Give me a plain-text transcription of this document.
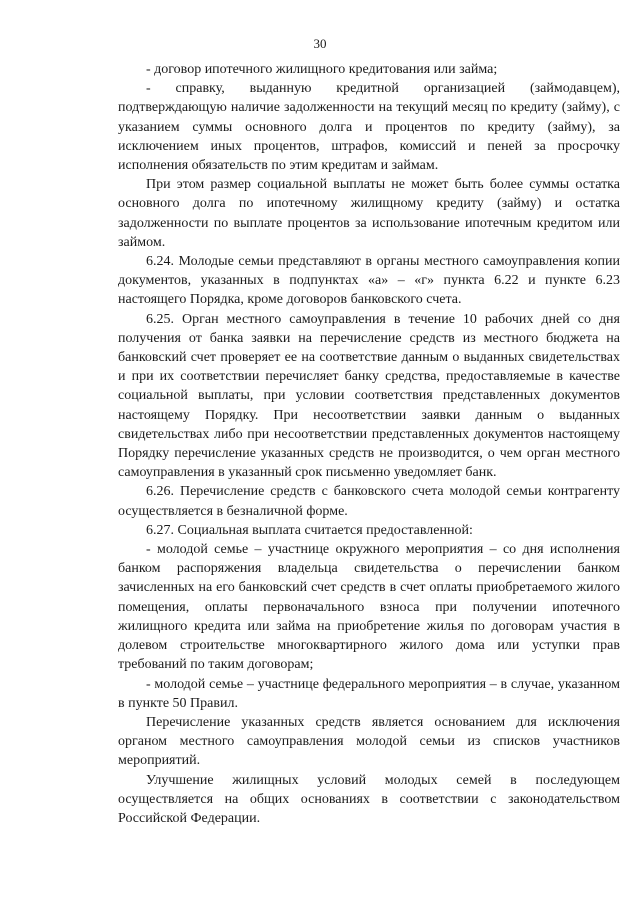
30

- договор ипотечного жилищного кредитования или займа;

- справку, выданную кредитной организацией (займодавцем), подтверждающую наличие задолженности на текущий месяц по кредиту (займу), с указанием суммы основного долга и процентов по кредиту (займу), за исключением иных процентов, штрафов, комиссий и пеней за просрочку исполнения обязательств по этим кредитам и займам.

При этом размер социальной выплаты не может быть более суммы остатка основного долга по ипотечному жилищному кредиту (займу) и остатка задолженности по выплате процентов за использование ипотечным кредитом или займом.

6.24. Молодые семьи представляют в органы местного самоуправления копии документов, указанных в подпунктах «а» – «г» пункта 6.22 и пункте 6.23 настоящего Порядка, кроме договоров банковского счета.

6.25. Орган местного самоуправления в течение 10 рабочих дней со дня получения от банка заявки на перечисление средств из местного бюджета на банковский счет проверяет ее на соответствие данным о выданных свидетельствах и при их соответствии перечисляет банку средства, предоставляемые в качестве социальной выплаты, при условии соответствия представленных документов настоящему Порядку. При несоответствии заявки данным о выданных свидетельствах либо при несоответствии представленных документов настоящему Порядку перечисление указанных средств не производится, о чем орган местного самоуправления в указанный срок письменно уведомляет банк.

6.26. Перечисление средств с банковского счета молодой семьи контрагенту осуществляется в безналичной форме.

6.27. Социальная выплата считается предоставленной:

- молодой семье – участнице окружного мероприятия – со дня исполнения банком распоряжения владельца свидетельства о перечислении банком зачисленных на его банковский счет средств в счет оплаты приобретаемого жилого помещения, оплаты первоначального взноса при получении ипотечного жилищного кредита или займа на приобретение жилья по договорам участия в долевом строительстве многоквартирного жилого дома или уступки прав требований по таким договорам;

- молодой семье – участнице федерального мероприятия – в случае, указанном в пункте 50 Правил.

Перечисление указанных средств является основанием для исключения органом местного самоуправления молодой семьи из списков участников мероприятий.

Улучшение жилищных условий молодых семей в последующем осуществляется на общих основаниях в соответствии с законодательством Российской Федерации.
